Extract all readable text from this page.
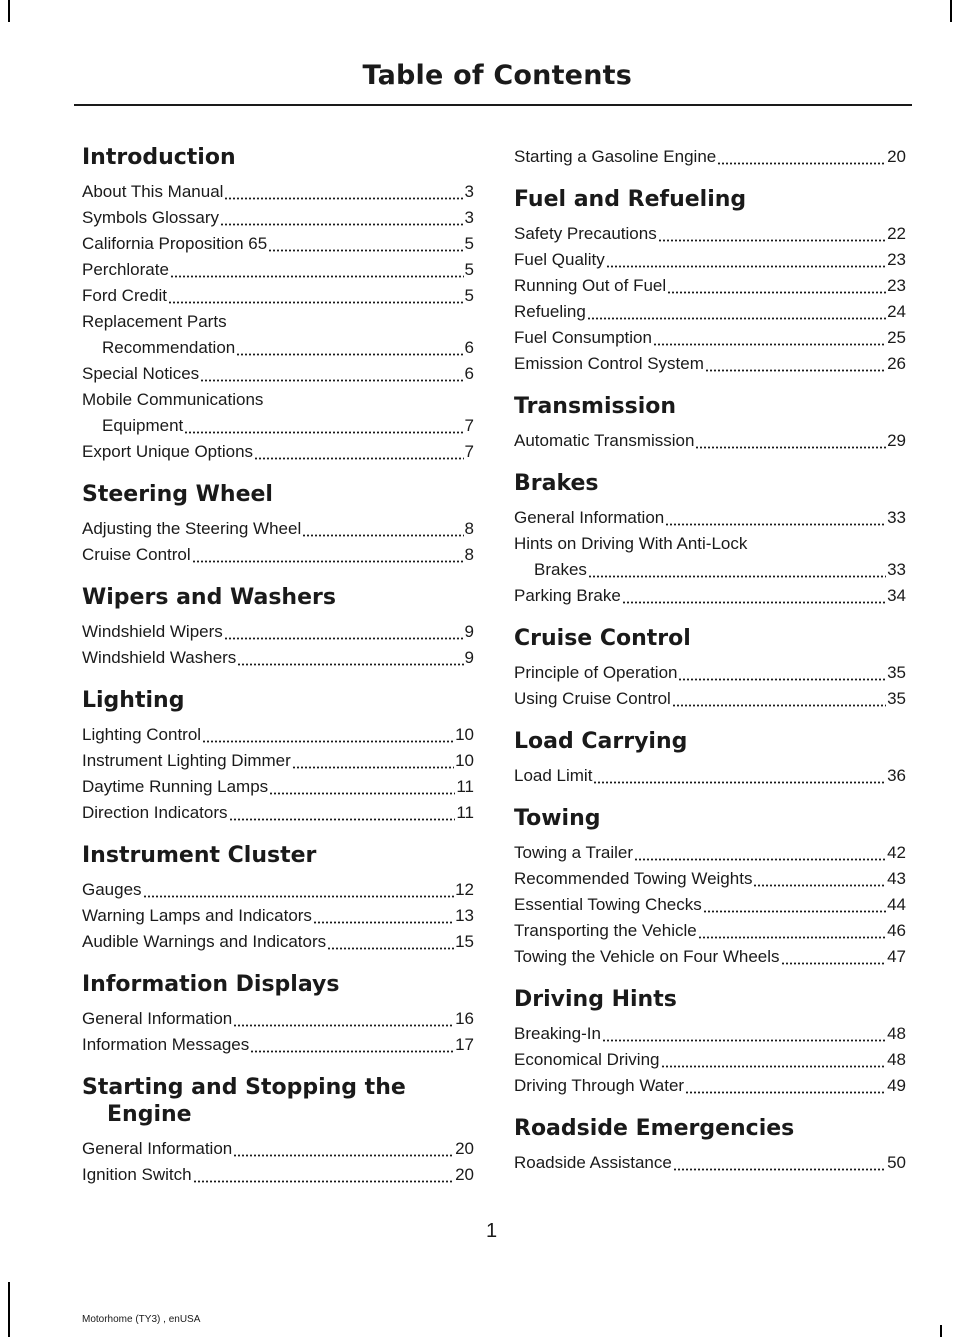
Table of Contents
Introduction
About This Manual	3
Symbols Glossary	3
California Proposition 65	5
Perchlorate	5
Ford Credit	5
Replacement Parts
Recommendation	6
Special Notices	6
Mobile Communications
Equipment	7
Export Unique Options	7
Steering Wheel
Adjusting the Steering Wheel	8
Cruise Control	8
Wipers and Washers
Windshield Wipers	9
Windshield Washers	9
Lighting
Lighting Control	10
Instrument Lighting Dimmer	10
Daytime Running Lamps	11
Direction Indicators	11
Instrument Cluster
Gauges	12
Warning Lamps and Indicators	13
Audible Warnings and Indicators	15
Information Displays
General Information	16
Information Messages	17
Starting and Stopping the Engine
General Information	20
Ignition Switch	20
Starting a Gasoline Engine	20
Fuel and Refueling
Safety Precautions	22
Fuel Quality	23
Running Out of Fuel	23
Refueling	24
Fuel Consumption	25
Emission Control System	26
Transmission
Automatic Transmission	29
Brakes
General Information	33
Hints on Driving With Anti-Lock
Brakes	33
Parking Brake	34
Cruise Control
Principle of Operation	35
Using Cruise Control	35
Load Carrying
Load Limit	36
Towing
Towing a Trailer	42
Recommended Towing Weights	43
Essential Towing Checks	44
Transporting the Vehicle	46
Towing the Vehicle on Four Wheels	47
Driving Hints
Breaking-In	48
Economical Driving	48
Driving Through Water	49
Roadside Emergencies
Roadside Assistance	50
1
Motorhome (TY3) , enUSA
